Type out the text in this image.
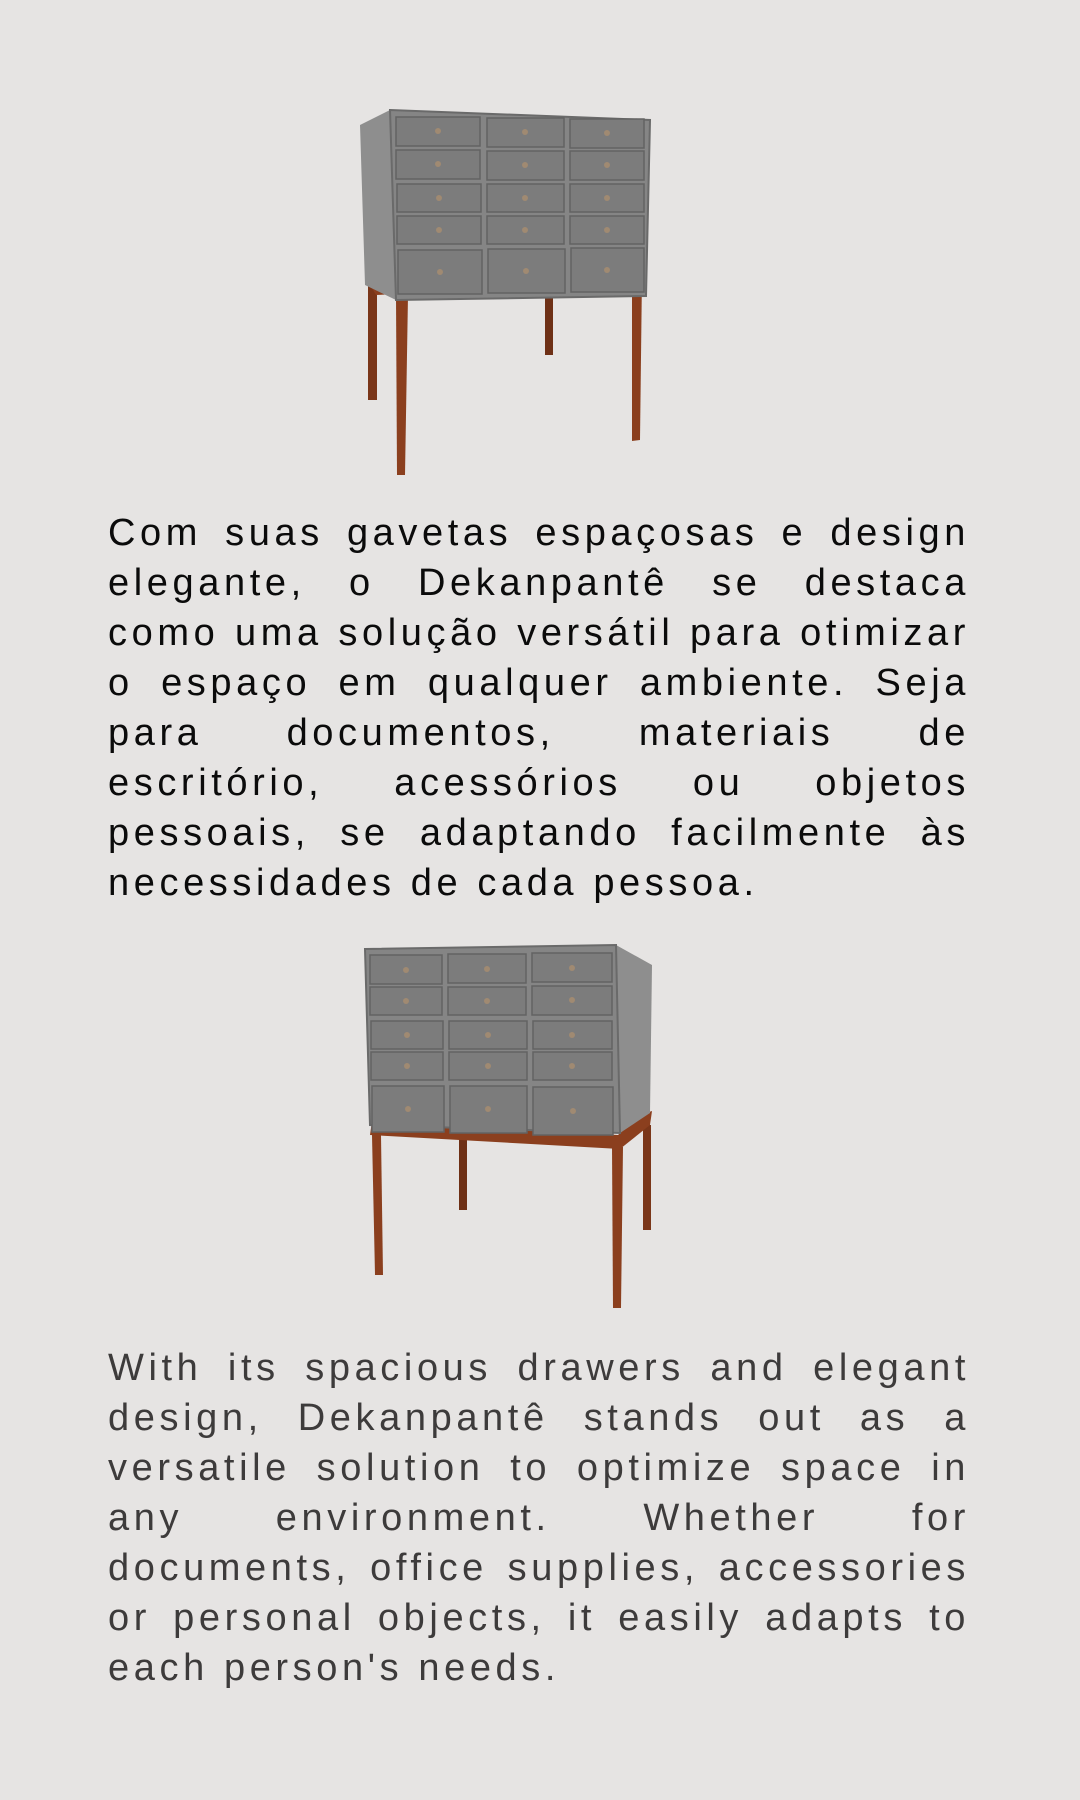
Com suas gavetas espaçosas e design elegante, o Dekanpantê se destaca como uma solução versátil para otimizar o espaço em qualquer ambiente. Seja para documentos, materiais de escritório, acessórios ou objetos pessoais, se adaptando facilmente às necessidades de cada pessoa.

With its spacious drawers and elegant design, Dekanpantê stands out as a versatile solution to optimize space in any environment. Whether for documents, office supplies, accessories or personal objects, it easily adapts to each person's needs.
